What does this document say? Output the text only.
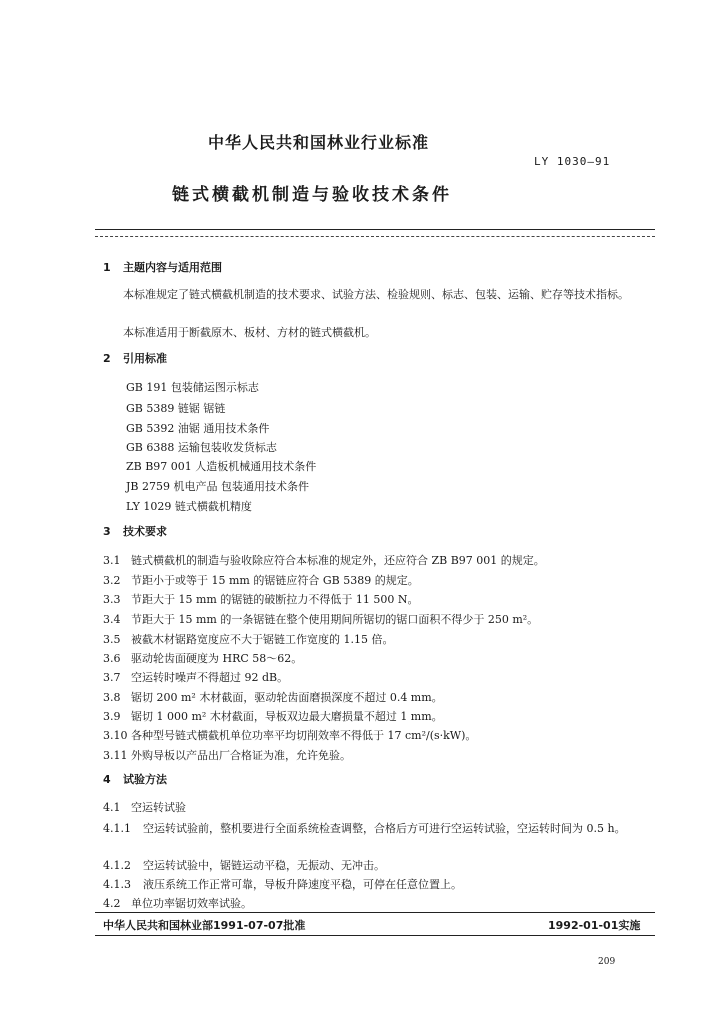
中华人民共和国林业行业标准
LY 1030—91
链式横截机制造与验收技术条件
1 主题内容与适用范围
本标准规定了链式横截机制造的技术要求、试验方法、检验规则、标志、包装、运输、贮存等技术指标。
本标准适用于断截原木、板材、方材的链式横截机。
2 引用标准
GB 191 包装储运图示标志
GB 5389 链锯 锯链
GB 5392 油锯 通用技术条件
GB 6388 运输包装收发货标志
ZB B97 001 人造板机械通用技术条件
JB 2759 机电产品 包装通用技术条件
LY 1029 链式横截机精度
3 技术要求
3.1 链式横截机的制造与验收除应符合本标准的规定外，还应符合 ZB B97 001 的规定。
3.2 节距小于或等于 15 mm 的锯链应符合 GB 5389 的规定。
3.3 节距大于 15 mm 的锯链的破断拉力不得低于 11 500 N。
3.4 节距大于 15 mm 的一条锯链在整个使用期间所锯切的锯口面积不得少于 250 m²。
3.5 被截木材锯路宽度应不大于锯链工作宽度的 1.15 倍。
3.6 驱动轮齿面硬度为 HRC 58～62。
3.7 空运转时噪声不得超过 92 dB。
3.8 锯切 200 m² 木材截面，驱动轮齿面磨损深度不超过 0.4 mm。
3.9 锯切 1 000 m² 木材截面，导板双边最大磨损量不超过 1 mm。
3.10 各种型号链式横截机单位功率平均切削效率不得低于 17 cm²/(s·kW)。
3.11 外购导板以产品出厂合格证为准，允许免验。
4 试验方法
4.1 空运转试验
4.1.1 空运转试验前，整机要进行全面系统检查调整，合格后方可进行空运转试验，空运转时间为 0.5 h。
4.1.2 空运转试验中，锯链运动平稳，无振动、无冲击。
4.1.3 液压系统工作正常可靠，导板升降速度平稳，可停在任意位置上。
4.2 单位功率锯切效率试验。
中华人民共和国林业部1991-07-07批准	1992-01-01实施
209
